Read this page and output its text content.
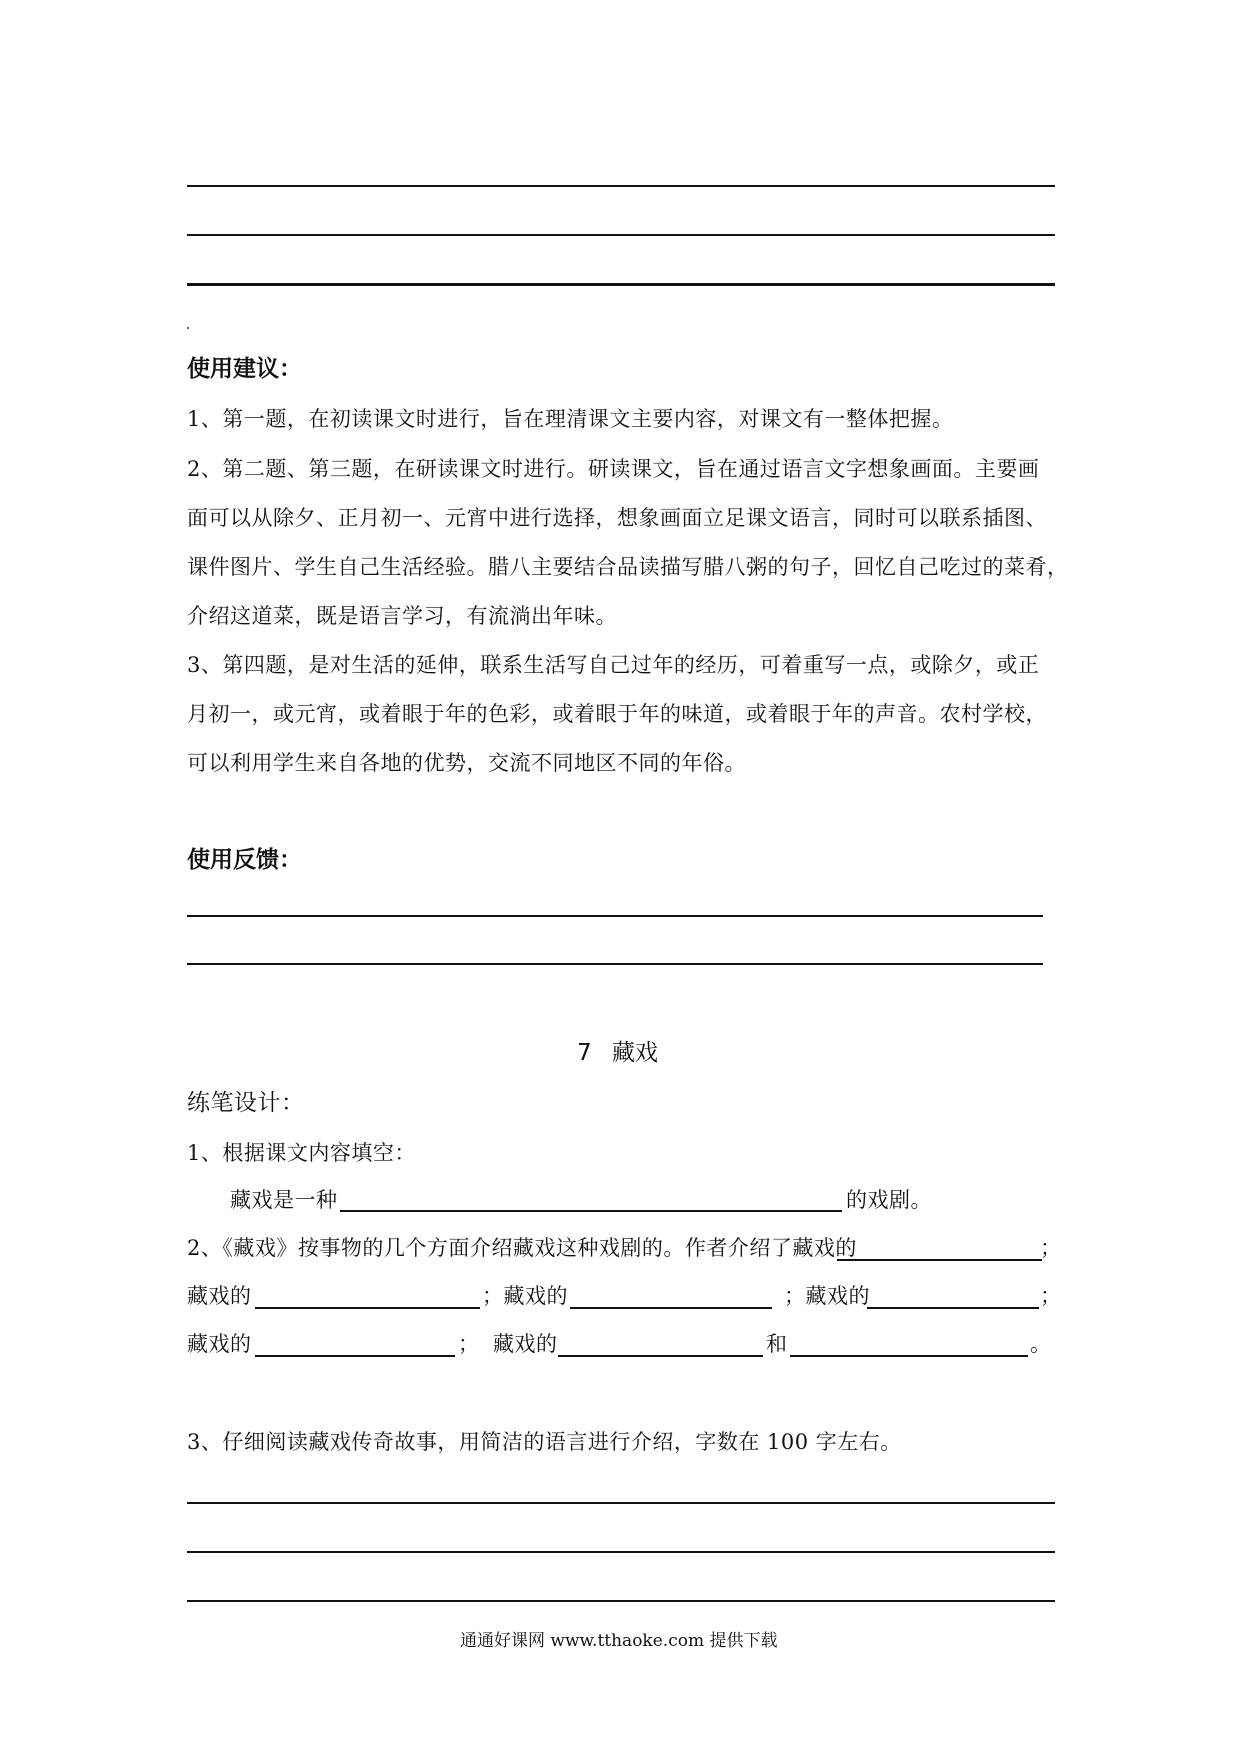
使用建议：
1、第一题，在初读课文时进行，旨在理清课文主要内容，对课文有一整体把握。
2、第二题、第三题，在研读课文时进行。研读课文，旨在通过语言文字想象画面。主要画
面可以从除夕、正月初一、元宵中进行选择，想象画面立足课文语言，同时可以联系插图、
课件图片、学生自己生活经验。腊八主要结合品读描写腊八粥的句子，回忆自己吃过的菜肴，
介绍这道菜，既是语言学习，有流淌出年味。
3、第四题，是对生活的延伸，联系生活写自己过年的经历，可着重写一点，或除夕，或正
月初一，或元宵，或着眼于年的色彩，或着眼于年的味道，或着眼于年的声音。农村学校，
可以利用学生来自各地的优势，交流不同地区不同的年俗。
使用反馈：
7 藏戏
练笔设计：
1、根据课文内容填空：
藏戏是一种	的戏剧。
2、《藏戏》按事物的几个方面介绍藏戏这种戏剧的。作者介绍了藏戏的	；
藏戏的	；藏戏的	；藏戏的	；
藏戏的	； 藏戏的	和	。
3、仔细阅读藏戏传奇故事，用简洁的语言进行介绍，字数在 100 字左右。
通通好课网 www.tthaoke.com 提供下载
